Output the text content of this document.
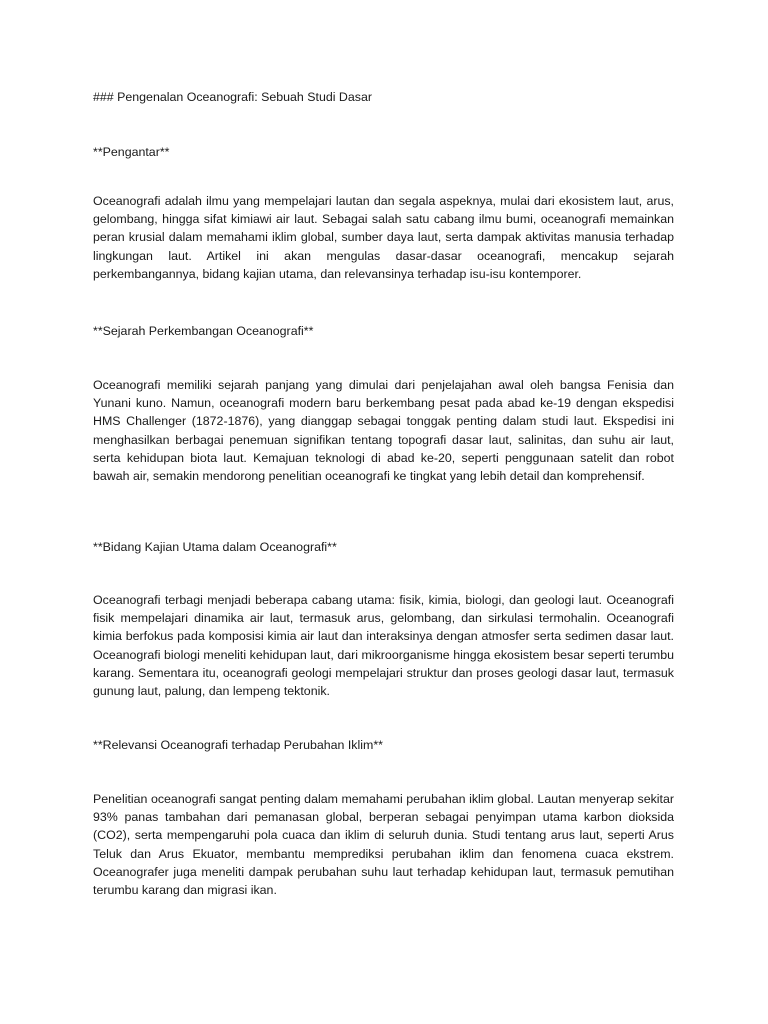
### Pengenalan Oceanografi: Sebuah Studi Dasar

**Pengantar**

Oceanografi adalah ilmu yang mempelajari lautan dan segala aspeknya, mulai dari ekosistem laut, arus, gelombang, hingga sifat kimiawi air laut. Sebagai salah satu cabang ilmu bumi, oceanografi memainkan peran krusial dalam memahami iklim global, sumber daya laut, serta dampak aktivitas manusia terhadap lingkungan laut. Artikel ini akan mengulas dasar-dasar oceanografi, mencakup sejarah perkembangannya, bidang kajian utama, dan relevansinya terhadap isu-isu kontemporer.

**Sejarah Perkembangan Oceanografi**

Oceanografi memiliki sejarah panjang yang dimulai dari penjelajahan awal oleh bangsa Fenisia dan Yunani kuno. Namun, oceanografi modern baru berkembang pesat pada abad ke-19 dengan ekspedisi HMS Challenger (1872-1876), yang dianggap sebagai tonggak penting dalam studi laut. Ekspedisi ini menghasilkan berbagai penemuan signifikan tentang topografi dasar laut, salinitas, dan suhu air laut, serta kehidupan biota laut. Kemajuan teknologi di abad ke-20, seperti penggunaan satelit dan robot bawah air, semakin mendorong penelitian oceanografi ke tingkat yang lebih detail dan komprehensif.

**Bidang Kajian Utama dalam Oceanografi**

Oceanografi terbagi menjadi beberapa cabang utama: fisik, kimia, biologi, dan geologi laut. Oceanografi fisik mempelajari dinamika air laut, termasuk arus, gelombang, dan sirkulasi termohalin. Oceanografi kimia berfokus pada komposisi kimia air laut dan interaksinya dengan atmosfer serta sedimen dasar laut. Oceanografi biologi meneliti kehidupan laut, dari mikroorganisme hingga ekosistem besar seperti terumbu karang. Sementara itu, oceanografi geologi mempelajari struktur dan proses geologi dasar laut, termasuk gunung laut, palung, dan lempeng tektonik.

**Relevansi Oceanografi terhadap Perubahan Iklim**

Penelitian oceanografi sangat penting dalam memahami perubahan iklim global. Lautan menyerap sekitar 93% panas tambahan dari pemanasan global, berperan sebagai penyimpan utama karbon dioksida (CO2), serta mempengaruhi pola cuaca dan iklim di seluruh dunia. Studi tentang arus laut, seperti Arus Teluk dan Arus Ekuator, membantu memprediksi perubahan iklim dan fenomena cuaca ekstrem. Oceanografer juga meneliti dampak perubahan suhu laut terhadap kehidupan laut, termasuk pemutihan terumbu karang dan migrasi ikan.
